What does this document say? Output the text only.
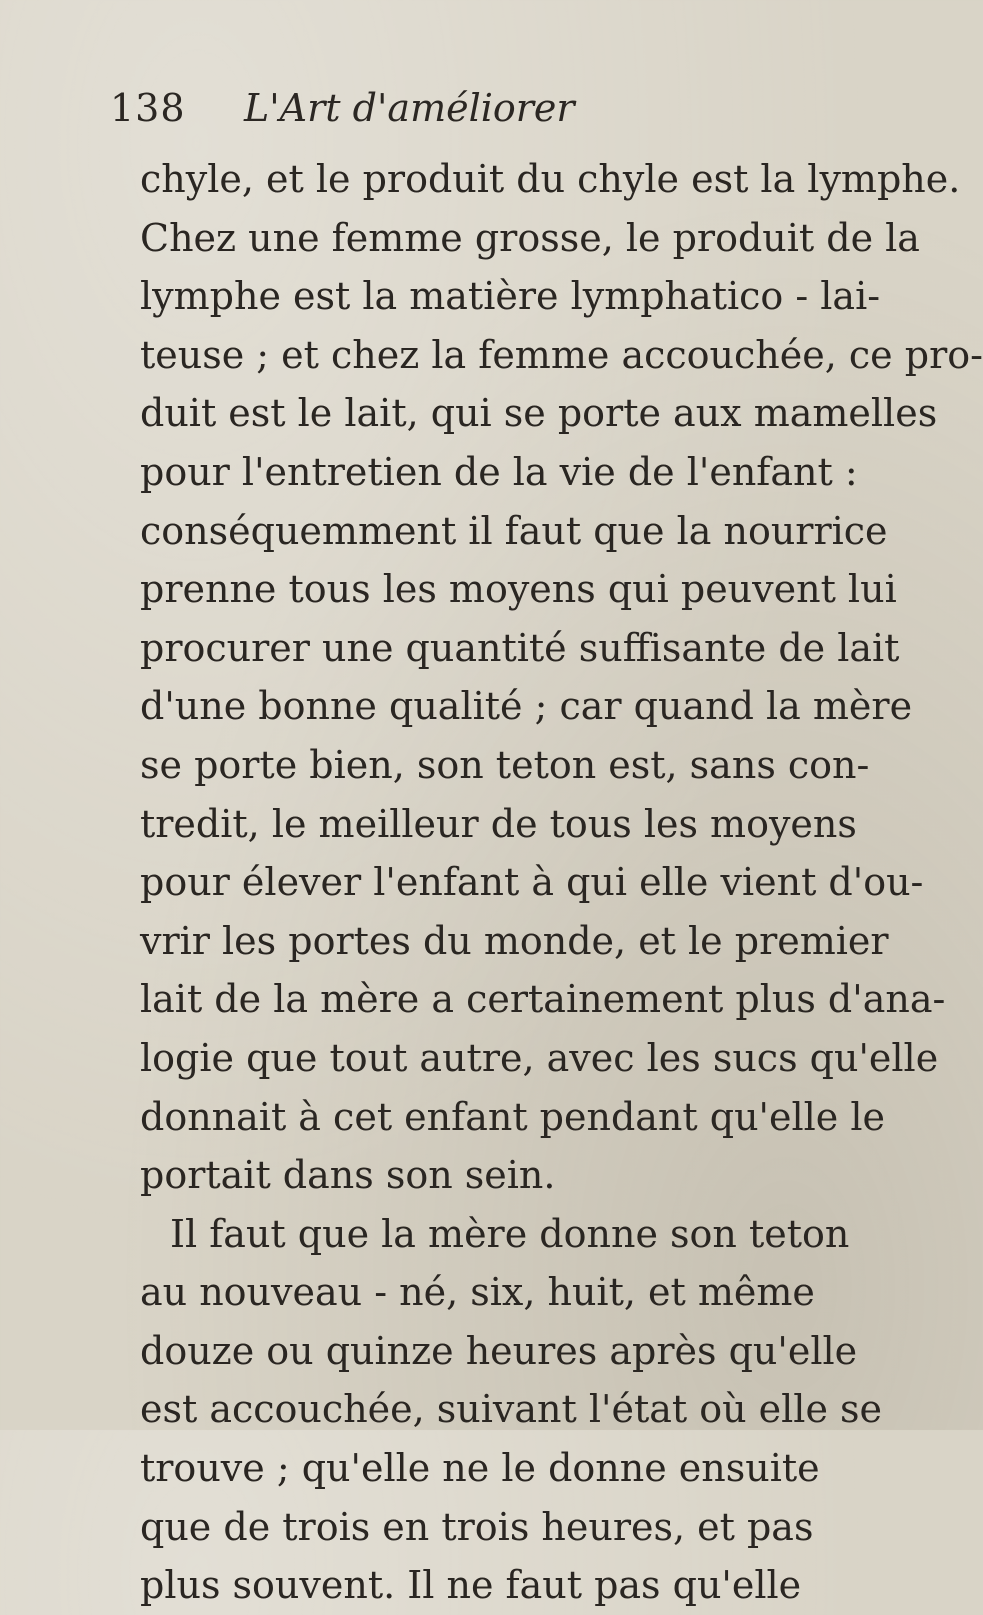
138 L'Art d'améliorer
chyle, et le produit du chyle est la lymphe.
Chez une femme grosse, le produit de la
lymphe est la matière lymphatico - lai-
teuse ; et chez la femme accouchée, ce pro-
duit est le lait, qui se porte aux mamelles
pour l'entretien de la vie de l'enfant :
conséquemment il faut que la nourrice
prenne tous les moyens qui peuvent lui
procurer une quantité suffisante de lait
d'une bonne qualité ; car quand la mère
se porte bien, son teton est, sans con-
tredit, le meilleur de tous les moyens
pour élever l'enfant à qui elle vient d'ou-
vrir les portes du monde, et le premier
lait de la mère a certainement plus d'ana-
logie que tout autre, avec les sucs qu'elle
donnait à cet enfant pendant qu'elle le
portait dans son sein.
Il faut que la mère donne son teton
au nouveau - né, six, huit, et même
douze ou quinze heures après qu'elle
est accouchée, suivant l'état où elle se
trouve ; qu'elle ne le donne ensuite
que de trois en trois heures, et pas
plus souvent. Il ne faut pas qu'elle
